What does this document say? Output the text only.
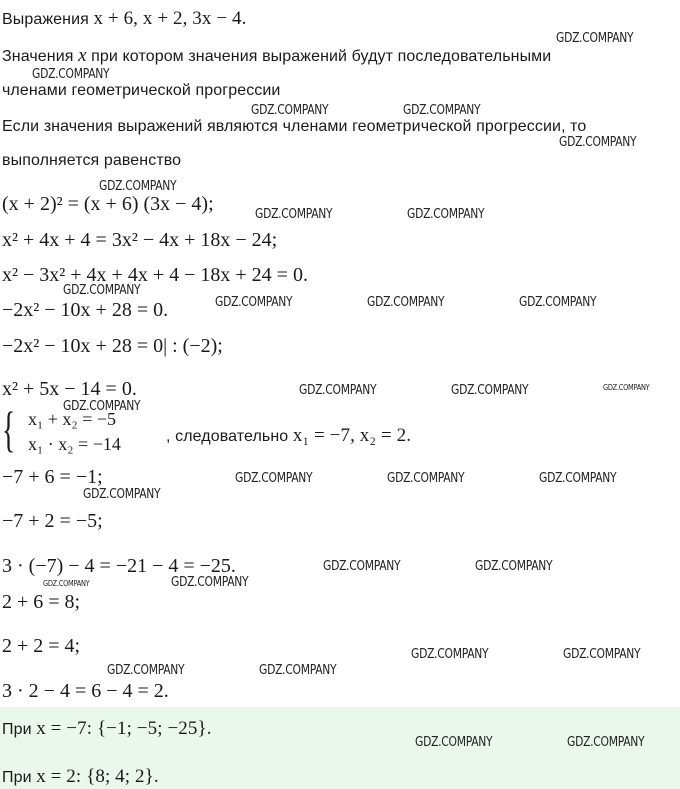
Выражения x + 6, x + 2, 3x − 4.
Значения x при котором значения выражений будут последовательными
членами геометрической прогрессии
Если значения выражений являются членами геометрической прогрессии, то
выполняется равенство
(x + 2)² = (x + 6) (3x − 4);
x² + 4x + 4 = 3x² − 4x + 18x − 24;
x² − 3x² + 4x + 4x + 4 − 18x + 24 = 0.
−2x² − 10x + 28 = 0.
−2x² − 10x + 28 = 0| : (−2);
x² + 5x − 14 = 0.
{ x₁ + x₂ = −5
x₁ · x₂ = −14	, следовательно x₁ = −7, x₂ = 2.
−7 + 6 = −1;
−7 + 2 = −5;
3 · (−7) − 4 = −21 − 4 = −25.
2 + 6 = 8;
2 + 2 = 4;
3 · 2 − 4 = 6 − 4 = 2.
При x = −7: {−1; −5; −25}.
При x = 2: {8; 4; 2}.
GDZ.COMPANY
GDZ.COMPANY
GDZ.COMPANY	GDZ.COMPANY
GDZ.COMPANY
GDZ.COMPANY
GDZ.COMPANY	GDZ.COMPANY
GDZ.COMPANY
GDZ.COMPANY	GDZ.COMPANY	GDZ.COMPANY
GDZ.COMPANY	GDZ.COMPANY	GDZ.COMPANY
GDZ.COMPANY
GDZ.COMPANY	GDZ.COMPANY	GDZ.COMPANY
GDZ.COMPANY
GDZ.COMPANY	GDZ.COMPANY
GDZ.COMPANY
GDZ.COMPANY
GDZ.COMPANY	GDZ.COMPANY
GDZ.COMPANY	GDZ.COMPANY
GDZ.COMPANY	GDZ.COMPANY
